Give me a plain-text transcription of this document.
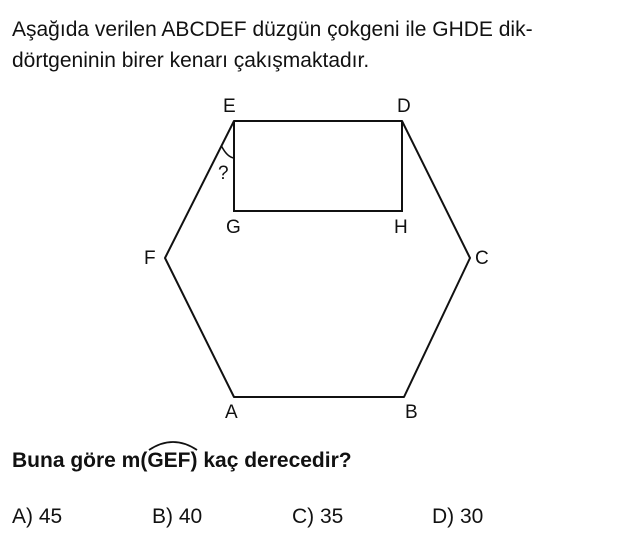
Aşağıda verilen ABCDEF düzgün çokgeni ile GHDE dik-
dörtgeninin birer kenarı çakışmaktadır.

E	D
F	C
G	H
A	B
?

Buna göre m(
GEF) kaç derecedir?

A) 45	B) 40	C) 35	D) 30
